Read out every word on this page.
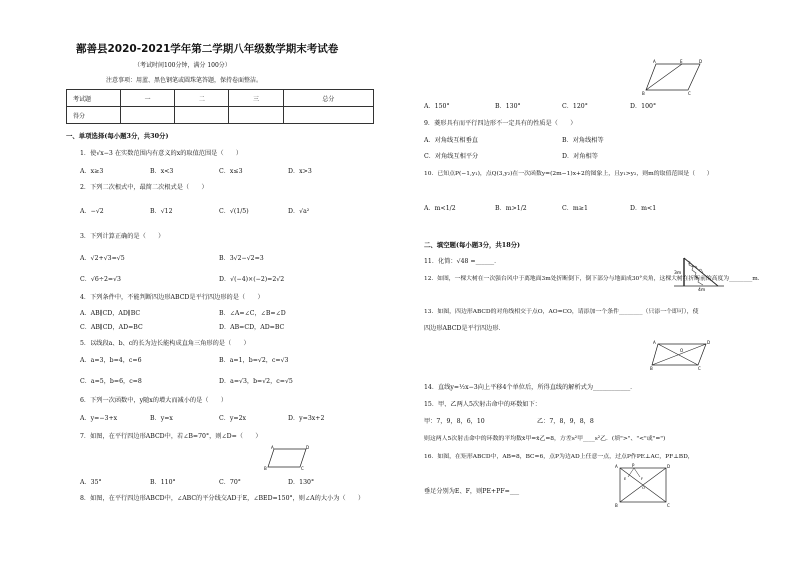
鄯善县2020-2021学年第二学期八年级数学期末考试卷
（考试时间100分钟，满分 100分）
注意事项：用蓝、黑色钢笔或圆珠笔答题，保持卷面整洁。
考试题	一	二	三	总分
得分				
一、单项选择(每小题3分，共30分)
1．使√x−3 在实数范围内有意义的x的取值范围是（　　）
A．x≥3	B．x<3	C．x≤3	D．x>3
2．下列二次根式中，最简二次根式是（　　）
A．−√2	B．√12	C．√(1/5)	D．√a²
3．下列计算正确的是（　　）
A．√2+√3=√5	B．3√2−√2=3
C．√6÷2=√3	D．√(−4)×(−2)=2√2
4．下列条件中，不能判断四边形ABCD是平行四边形的是（　　）
A．AB∥CD，AD∥BC	B．∠A=∠C，∠B=∠D
C．AB∥CD，AD=BC	D．AB=CD，AD=BC
5．以线段a、b、c的长为边长能构成直角三角形的是（　　）
A．a=3，b=4，c=6	B．a=1，b=√2，c=√3
C．a=5，b=6，c=8	D．a=√3，b=√2，c=√5
6．下列一次函数中，y随x的增大而减小的是（　　）
A．y=−3+x	B．y=x	C．y=2x	D．y=3x+2
7．如图，在平行四边形ABCD中，若∠B=70°，则∠D=（　　）
A	D
B	C
A．35°	B．110°	C．70°	D．130°
8．如图，在平行四边形ABCD中，∠ABC的平分线交AD于E，∠BED=150°，则∠A的大小为（　　）
A	E	D
B	C
A．150°	B．130°	C．120°	D．100°
9．菱形具有而平行四边形不一定具有的性质是（　　）
A．对角线互相垂直	B．对角线相等
C．对角线互相平分	D．对角相等
10．已知点P(−1,y₁)，点Q(3,y₂)在一次函数y=(2m−1)x+2的图象上，且y₁>y₂，则m的取值范围是（　　）
A．m<1/2	B．m>1/2	C．m≥1	D．m<1
二、填空题(每小题3分，共18分)
11．化简：√48 =______．
3m
4m
12．如图，一棵大树在一次强台风中于离地面3m处折断倒下，倒下部分与地面成30°夹角，这棵大树在折断前的高度为________m．
13．如图，四边形ABCD的对角线相交于点O，AO=CO，请添加一个条件________（只添一个即可），使
四边形ABCD是平行四边形．
A	D
B	C
O
14．直线y=½x−3向上平移4个单位后，所得直线的解析式为____________．
15．甲、乙两人5次射击命中的环数如下：
甲：7，9，8，6，10	乙：7，8，9，8，8
则这两人5次射击命中的环数的平均数x̄甲=x̄乙=8，方差s²甲____s²乙．(填">"、"<"或"=")
16．如图，在矩形ABCD中，AB=8，BC=6，点P为边AD上任意一点，过点P作PE⊥AC，PF⊥BD，
A	P	D
B	C
E	F
O
垂足分别为E、F，则PE+PF=___
